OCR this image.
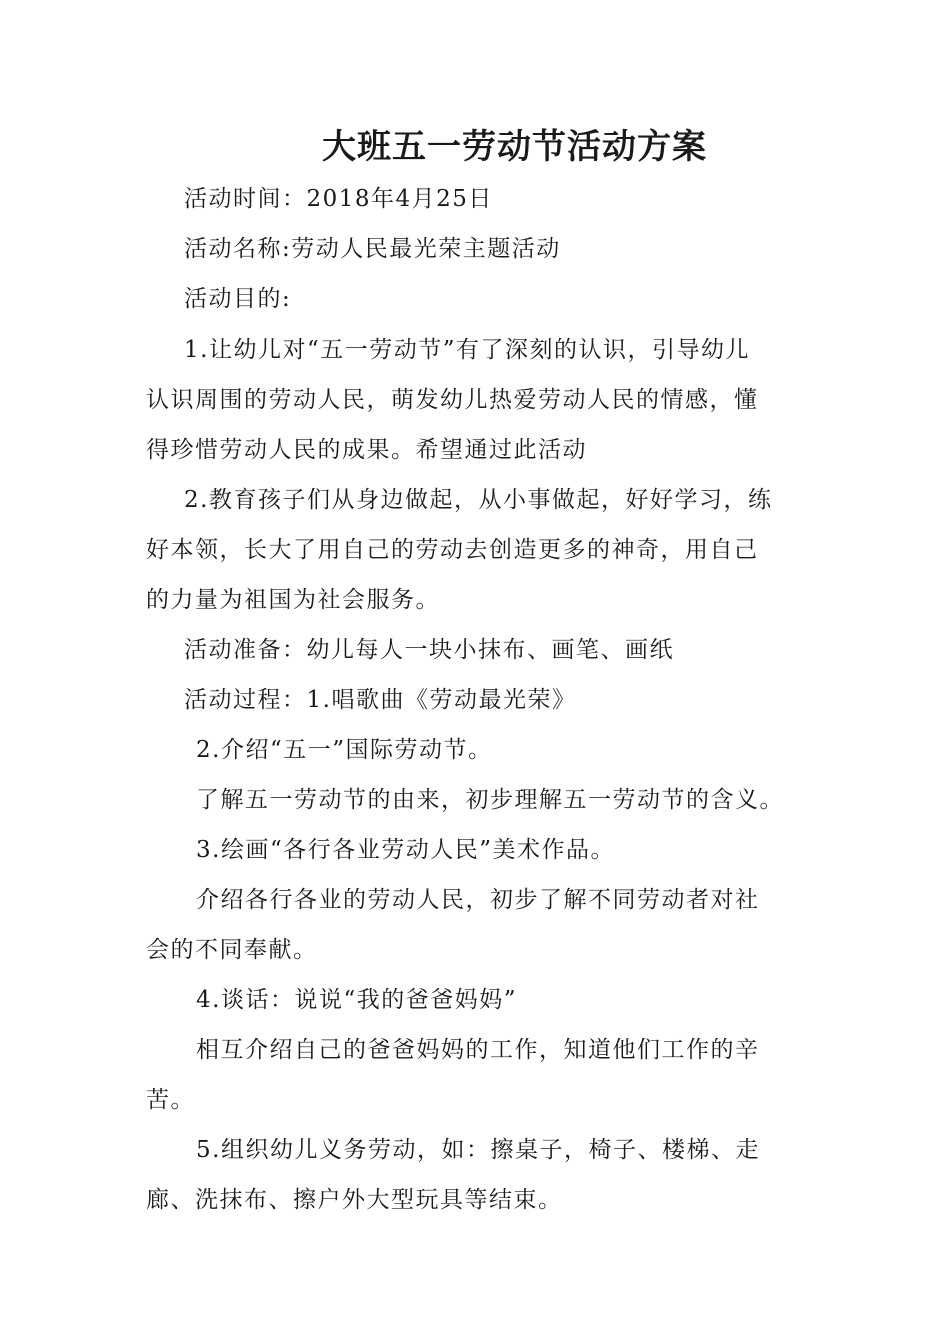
大班五一劳动节活动方案
活动时间：2018年4月25日
活动名称:劳动人民最光荣主题活动
活动目的:
1.让幼儿对“五一劳动节”有了深刻的认识，引导幼儿
认识周围的劳动人民，萌发幼儿热爱劳动人民的情感，懂
得珍惜劳动人民的成果。希望通过此活动
2.教育孩子们从身边做起，从小事做起，好好学习，练
好本领，长大了用自己的劳动去创造更多的神奇，用自己
的力量为祖国为社会服务。
活动准备：幼儿每人一块小抹布、画笔、画纸
活动过程：1.唱歌曲《劳动最光荣》
2.介绍“五一”国际劳动节。
了解五一劳动节的由来，初步理解五一劳动节的含义。
3.绘画“各行各业劳动人民”美术作品。
介绍各行各业的劳动人民，初步了解不同劳动者对社
会的不同奉献。
4.谈话：说说“我的爸爸妈妈”
相互介绍自己的爸爸妈妈的工作，知道他们工作的辛
苦。
5.组织幼儿义务劳动，如：擦桌子，椅子、楼梯、走
廊、洗抹布、擦户外大型玩具等结束。
